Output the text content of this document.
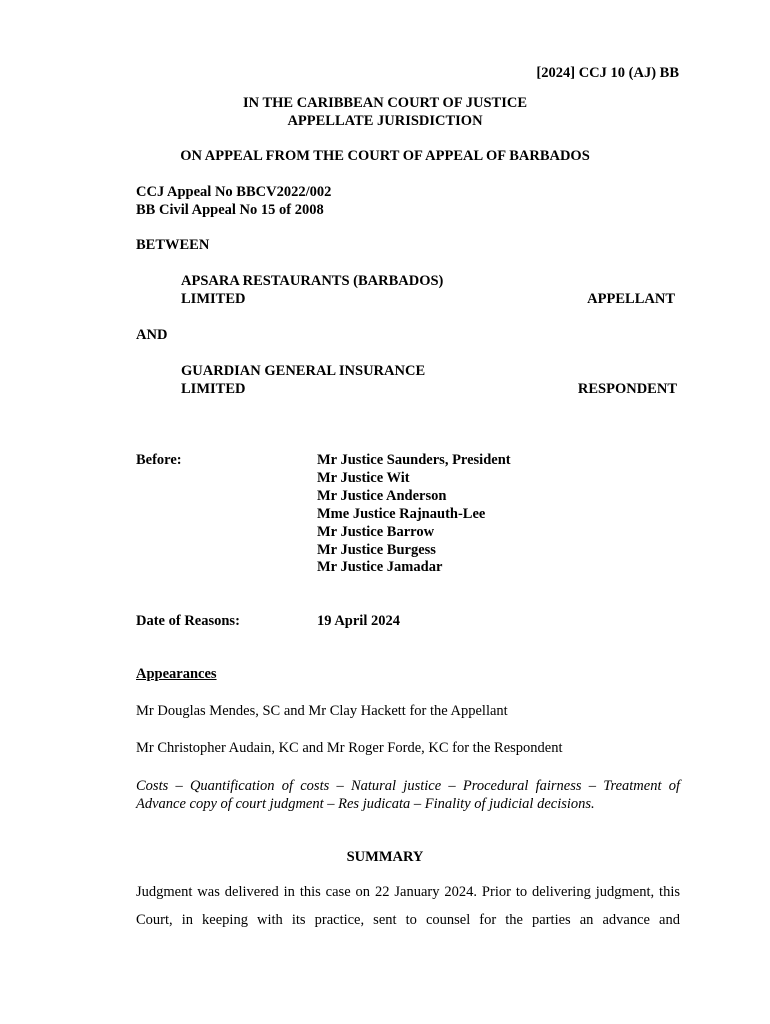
[2024] CCJ 10 (AJ) BB
IN THE CARIBBEAN COURT OF JUSTICE
APPELLATE JURISDICTION
ON APPEAL FROM THE COURT OF APPEAL OF BARBADOS
CCJ Appeal No BBCV2022/002
BB Civil Appeal No 15 of 2008
BETWEEN
APSARA RESTAURANTS (BARBADOS)
LIMITED	APPELLANT
AND
GUARDIAN GENERAL INSURANCE
LIMITED	RESPONDENT
Before:	Mr Justice Saunders, President
Mr Justice Wit
Mr Justice Anderson
Mme Justice Rajnauth-Lee
Mr Justice Barrow
Mr Justice Burgess
Mr Justice Jamadar
Date of Reasons:	19 April 2024
Appearances
Mr Douglas Mendes, SC and Mr Clay Hackett for the Appellant
Mr Christopher Audain, KC and Mr Roger Forde, KC for the Respondent
Costs – Quantification of costs – Natural justice – Procedural fairness – Treatment of
Advance copy of court judgment – Res judicata – Finality of judicial decisions.
SUMMARY
Judgment was delivered in this case on 22 January 2024. Prior to delivering judgment, this
Court, in keeping with its practice, sent to counsel for the parties an advance and
